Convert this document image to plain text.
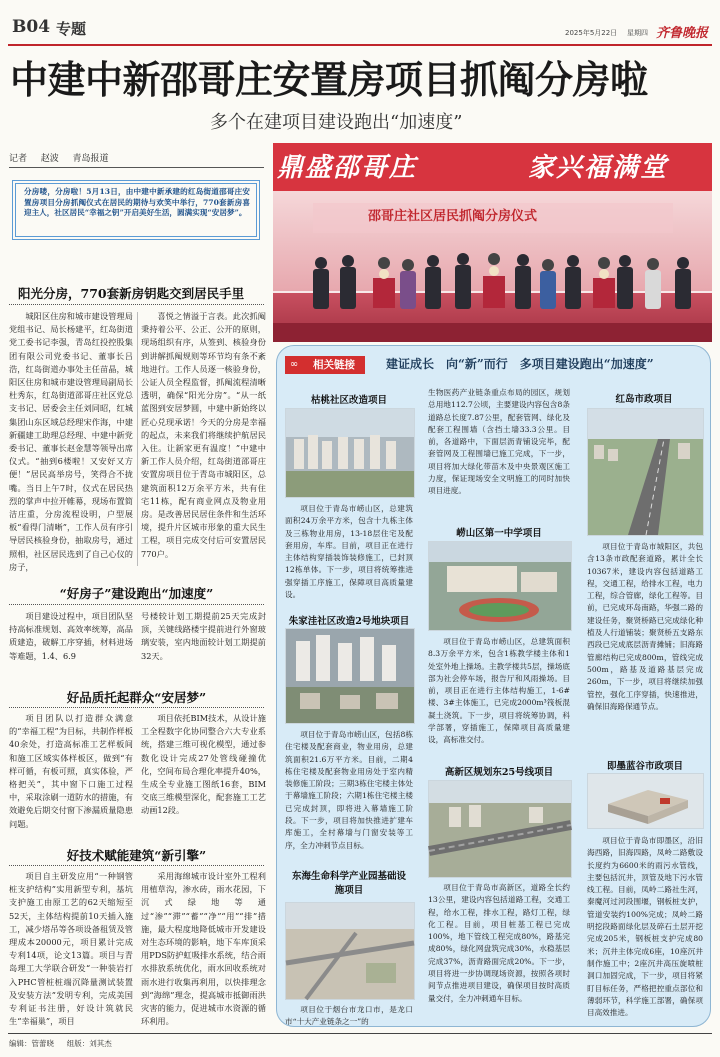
B04 专题	2025年5月22日 星期四 齐鲁晚报
中建中新邵哥庄安置房项目抓阄分房啦
多个在建项目建设跑出“加速度”
记者 赵波 青岛报道
分房喽，分房啦！5月13日，由中建中新承建的红岛街道邵哥庄安置房项目分房抓阄仪式在居民的期待与欢笑中举行，770套新房喜迎主人，社区居民“幸福之钥”开启美好生活，圆满实现“安居梦”。
鼎盛邵哥庄	家兴福满堂
邵哥庄社区居民抓阄分房仪式
阳光分房，770套新房钥匙交到居民手里

城阳区住房和城市建设管理局党组书记、局长杨建平，红岛街道党工委书记李强，青岛红投控股集团有限公司党委书记、董事长吕浩，红岛街道办事处主任苗晶，城阳区住房和城市建设管理局副局长杜秀东，红岛街道邵哥庄社区党总支书记、居委会主任刘同昭，红城集团山东区域总经理宋作海，中建新疆建工助理总经理、中建中新党委书记、董事长赵金慧等领导出席仪式。“抽到6楼啦！又安好又方便！”居民高举房号，笑得合不拢嘴。当日上午7时，仪式在居民热烈的掌声中拉开帷幕，现场布置简洁庄重，分房流程设明，户型展板“看得门清晰”，工作人员有序引导居民核验身份，抽取房号，通过照相，社区居民选到了自己心仪的房子，

喜悦之情溢于言表。此次抓阄秉持着公平、公正、公开的原则，现场组织有序，从签到、核验身份到讲解抓阄规则等环节均有条不紊地进行。工作人员逐一核验身份，公证人员全程监督，抓阄流程清晰透明，确保“阳光分房”。“从一纸蓝图到安居梦圆，中建中新始终以匠心兑现承诺！今天的分房是幸福的起点，未来我们将继续护航居民入住。让新家更有温度！”中建中新工作人员介绍，红岛街道邵哥庄安置房项目位于青岛市城阳区，总建筑面积12万余平方米，共有住宅11栋，配有商业网点及物业用房。是改善居民居住条件和生活环境，提升片区城市形象的重大民生工程，项目完成交付后可安置居民770户。

“好房子”建设跑出“加速度”

项目建设过程中，项目团队坚持高标准规划、高效率统筹，高品质建造，破解工序穿插，材料进场等难题，1.4、6.9

号楼较计划工期提前25天完成封顶，关键线路楼宇提前进行外窗玻璃安装，室内地面较计划工期提前32天。

好品质托起群众“安居梦”

项目团队以打造群众满意的“幸福工程”为目标，共制作样板40余处，打造高标准工艺样板间和施工区域实体样板区，做到“有样可循，有板可照，真实体验，严格把关”，其中窗下口施工过程中，采取涂刷一道防水的措施，有效避免后期交付窗下渗漏质量隐患问题。

项目依托BIM技术，从设计施工全程数字化协同整合六大专业系统，搭建三维可视化模型，通过参数化设计完成27处管线碰撞优化，空间布局合理化率提升40%，生成全专业施工图纸16套，BIM交底三维模型深化，配套施工工艺动画12段。

好技术赋能建筑“新引擎”

项目自主研发应用“一种钢管桩支护结构”实用新型专利，基坑支护施工由原工艺的62天缩短至52天，主体结构提前10天插入施工，减少塔吊等各项设备租赁及管理成本20000元，项目累计完成专利14项，论文13篇。项目与青岛理工大学联合研发“一种装岩打入PHC管桩桩端沉降量测试装置及安装方法”发明专利，完成美国专利证书注册，好设计筑就民生“幸福巢”，项目

采用海绵城市设计室外工程利用植草沟，渗水砖，雨水花园，下沉式绿地等通过“渗”“滞”“蓄”“净”“用”“排”措施，最大程度地降低城市开发建设对生态环境的影响，地下车库顶采用PDS防护虹吸排水系统，结合雨水排放系统优化，雨水回收系统对雨水进行收集再利用，以快排理念到“海绵”理念，提高城市抵御雨洪灾害的能力，促进城市水资源的循环利用。

∞	相关链接	建证成长　向“新”而行　多项目建设跑出“加速度”
枯桃社区改造项目

项目位于青岛市崂山区，总建筑面积24万余平方米，包含十九栋主体及三栋物业用房，13-18层住宅及配套用房，车库。目前，项目正在进行主体结构穿插装饰装修施工，已封顶12栋单体。下一步，项目将统筹推进强穿插工序施工，保障项目高质量建设。

朱家洼社区改造2号地块项目

项目位于青岛市崂山区，包括8栋住宅楼及配套商业，物业用房，总建筑面积21.6万平方米。目前，二期4栋住宅楼及配套物业用房处于室内精装修施工阶段；三期3栋住宅楼主体处于幕墙施工阶段；六期1栋住宅楼主楼已完成封顶，即将进入幕墙施工阶段。下一步，项目将加快推进扩建车库施工，全村幕墙与门窗安装等工序，全力冲刺节点目标。

东海生命科学产业园基础设施项目

项目位于烟台市龙口市，是龙口市“十大产业链条之一”的

生物医药产业链条重点布局的园区，规划总用地112.7公顷，主要建设内容包含8条道路总长度7.87公里，配套管网、绿化及配套工程围墙（含挡土墙33.3公里。目前，各道路中，下面层沥青铺设完毕，配套管网及工程围墙已施工完成，下一步，项目将加大绿化带苗木及中央景观区施工力度，保证现场安全文明施工的同时加快项目进度。

崂山区第一中学项目

项目位于青岛市崂山区，总建筑面积8.3万余平方米，包含1栋教学楼主体和1处室外地上操场。主教学楼共5层，操场底部为社会停车场，报告厅和风雨操场。目前，项目正在进行主体结构施工，1-6#楼、3#主体施工，已完成2000m³筏板混凝土浇筑。下一步，项目将统筹协调，科学部署，穿插施工，保障项目高质量建设，高标准交付。

高新区规划东25号线项目

项目位于青岛市高新区，道路全长约13公里，建设内容包括道路工程，交通工程，给水工程，排水工程，路灯工程，绿化工程。目前，项目桩基工程已完成100%，地下管线工程完成80%，路基完成80%，绿化网盘筑完成30%，水稳基层完成37%，沥青路面完成20%。下一步，项目将进一步协调现场资源，按照各项时间节点推进项目建设，确保项目按时高质量交付，全力冲刺通车目标。

红岛市政项目

项目位于青岛市城阳区，共包含13条市政配套道路，累计全长10367米，建设内容包括道路工程，交通工程，给排水工程，电力工程，综合管廊，绿化工程等。目前，已完成环岛南路，华强二路的建设任务，聚贤桥路已完成绿化种植及人行道铺装；聚贤桥五支路东西段已完成底层沥青摊铺；旧海路管廊结构已完成800m，管线完成500m，路基及道路基层完成260m，下一步，项目将继续加强管控，强化工序穿插，快速推进，确保旧海路保通节点。

即墨蓝谷市政项目

项目位于青岛市即墨区，沿旧海西路，旧海四路，凤岭二路敷设长度约为6600米的雨污水管线，主要包括沉井，顶管及地下污水管线工程。目前，凤岭二路社生河，秦魔河过河段围堰，钢板桩支护，管道安装约100%完成；凤岭二路明挖段路面绿化层及碎石土层开挖完成205米，钢板桩支护完成80米；沉井主体完成6座，10座沉井制作施工中；2座沉井高压旋喷桩洞口加固完成，下一步，项目将紧盯目标任务，严格把控重点部位和薄弱环节，科学施工部署，确保项目高效推进。

编辑：管蕾晓 组版：刘其杰
